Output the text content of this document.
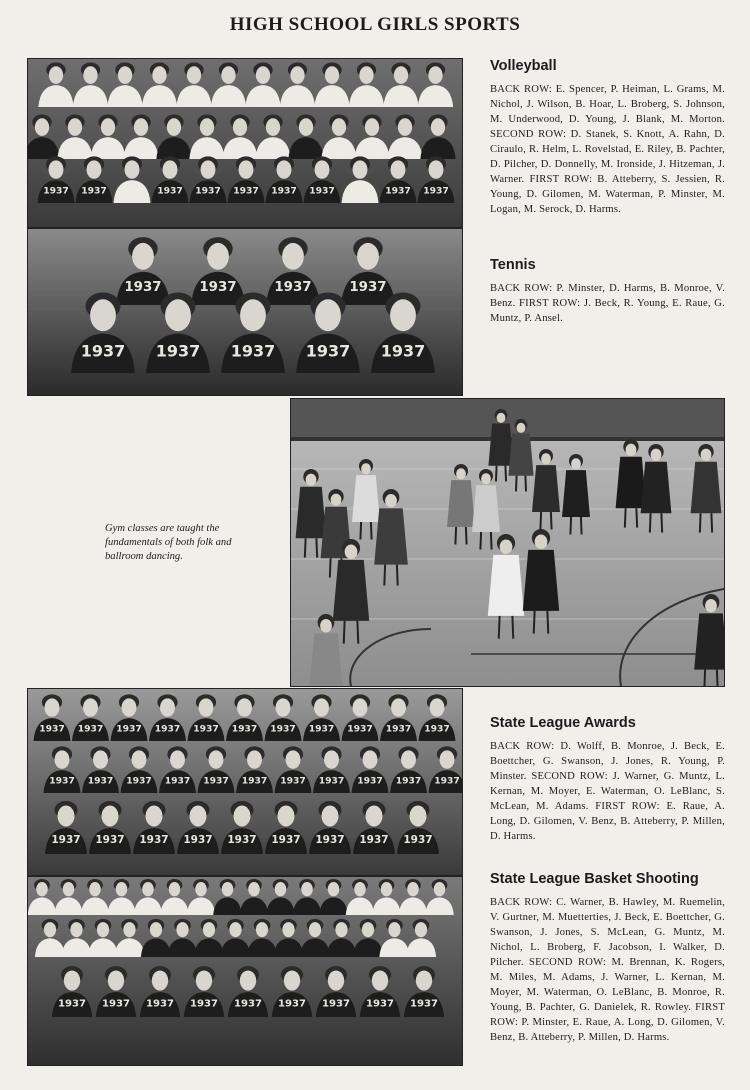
HIGH SCHOOL GIRLS SPORTS
1937 1937	1937 1937 1937 1937 1937	1937 1937
1937	1937	1937	1937
1937 1937 1937 1937 1937
Gym classes are taught the fundamentals of both folk and ballroom dancing.
1937 1937 1937 1937 1937 1937 1937 1937 1937 1937 1937
1937 1937 1937 1937 1937 1937 1937 1937 1937 1937 1937
1937 1937 1937 1937 1937 1937 1937 1937 1937
1937 1937 1937 1937 1937 1937 1937 1937 1937
Volleyball
BACK ROW: E. Spencer, P. Heiman, L. Grams, M. Nichol, J. Wilson, B. Hoar, L. Broberg, S. Johnson, M. Underwood, D. Young, J. Blank, M. Morton. SECOND ROW: D. Stanek, S. Knott, A. Rahn, D. Ciraulo, R. Helm, L. Rovelstad, E. Riley, B. Pachter, D. Pilcher, D. Donnelly, M. Ironside, J. Hitzeman, J. Warner. FIRST ROW: B. Atteberry, S. Jessien, R. Young, D. Gilomen, M. Waterman, P. Minster, M. Logan, M. Serock, D. Harms.
Tennis
BACK ROW: P. Minster, D. Harms, B. Monroe, V. Benz. FIRST ROW: J. Beck, R. Young, E. Raue, G. Muntz, P. Ansel.
State League Awards
BACK ROW: D. Wolff, B. Monroe, J. Beck, E. Boettcher, G. Swanson, J. Jones, R. Young, P. Minster. SECOND ROW: J. Warner, G. Muntz, L. Kernan, M. Moyer, E. Waterman, O. LeBlanc, S. McLean, M. Adams. FIRST ROW: E. Raue, A. Long, D. Gilomen, V. Benz, B. Atteberry, P. Millen, D. Harms.
State League Basket Shooting
BACK ROW: C. Warner, B. Hawley, M. Ruemelin, V. Gurtner, M. Muetterties, J. Beck, E. Boettcher, G. Swanson, J. Jones, S. McLean, G. Muntz, M. Nichol, L. Broberg, F. Jacobson, I. Walker, D. Pilcher. SECOND ROW: M. Brennan, K. Rogers, M. Miles, M. Adams, J. Warner, L. Kernan, M. Moyer, M. Waterman, O. LeBlanc, B. Monroe, R. Young, B. Pachter, G. Danielek, R. Rowley. FIRST ROW: P. Minster, E. Raue, A. Long, D. Gilomen, V. Benz, B. Atteberry, P. Millen, D. Harms.
